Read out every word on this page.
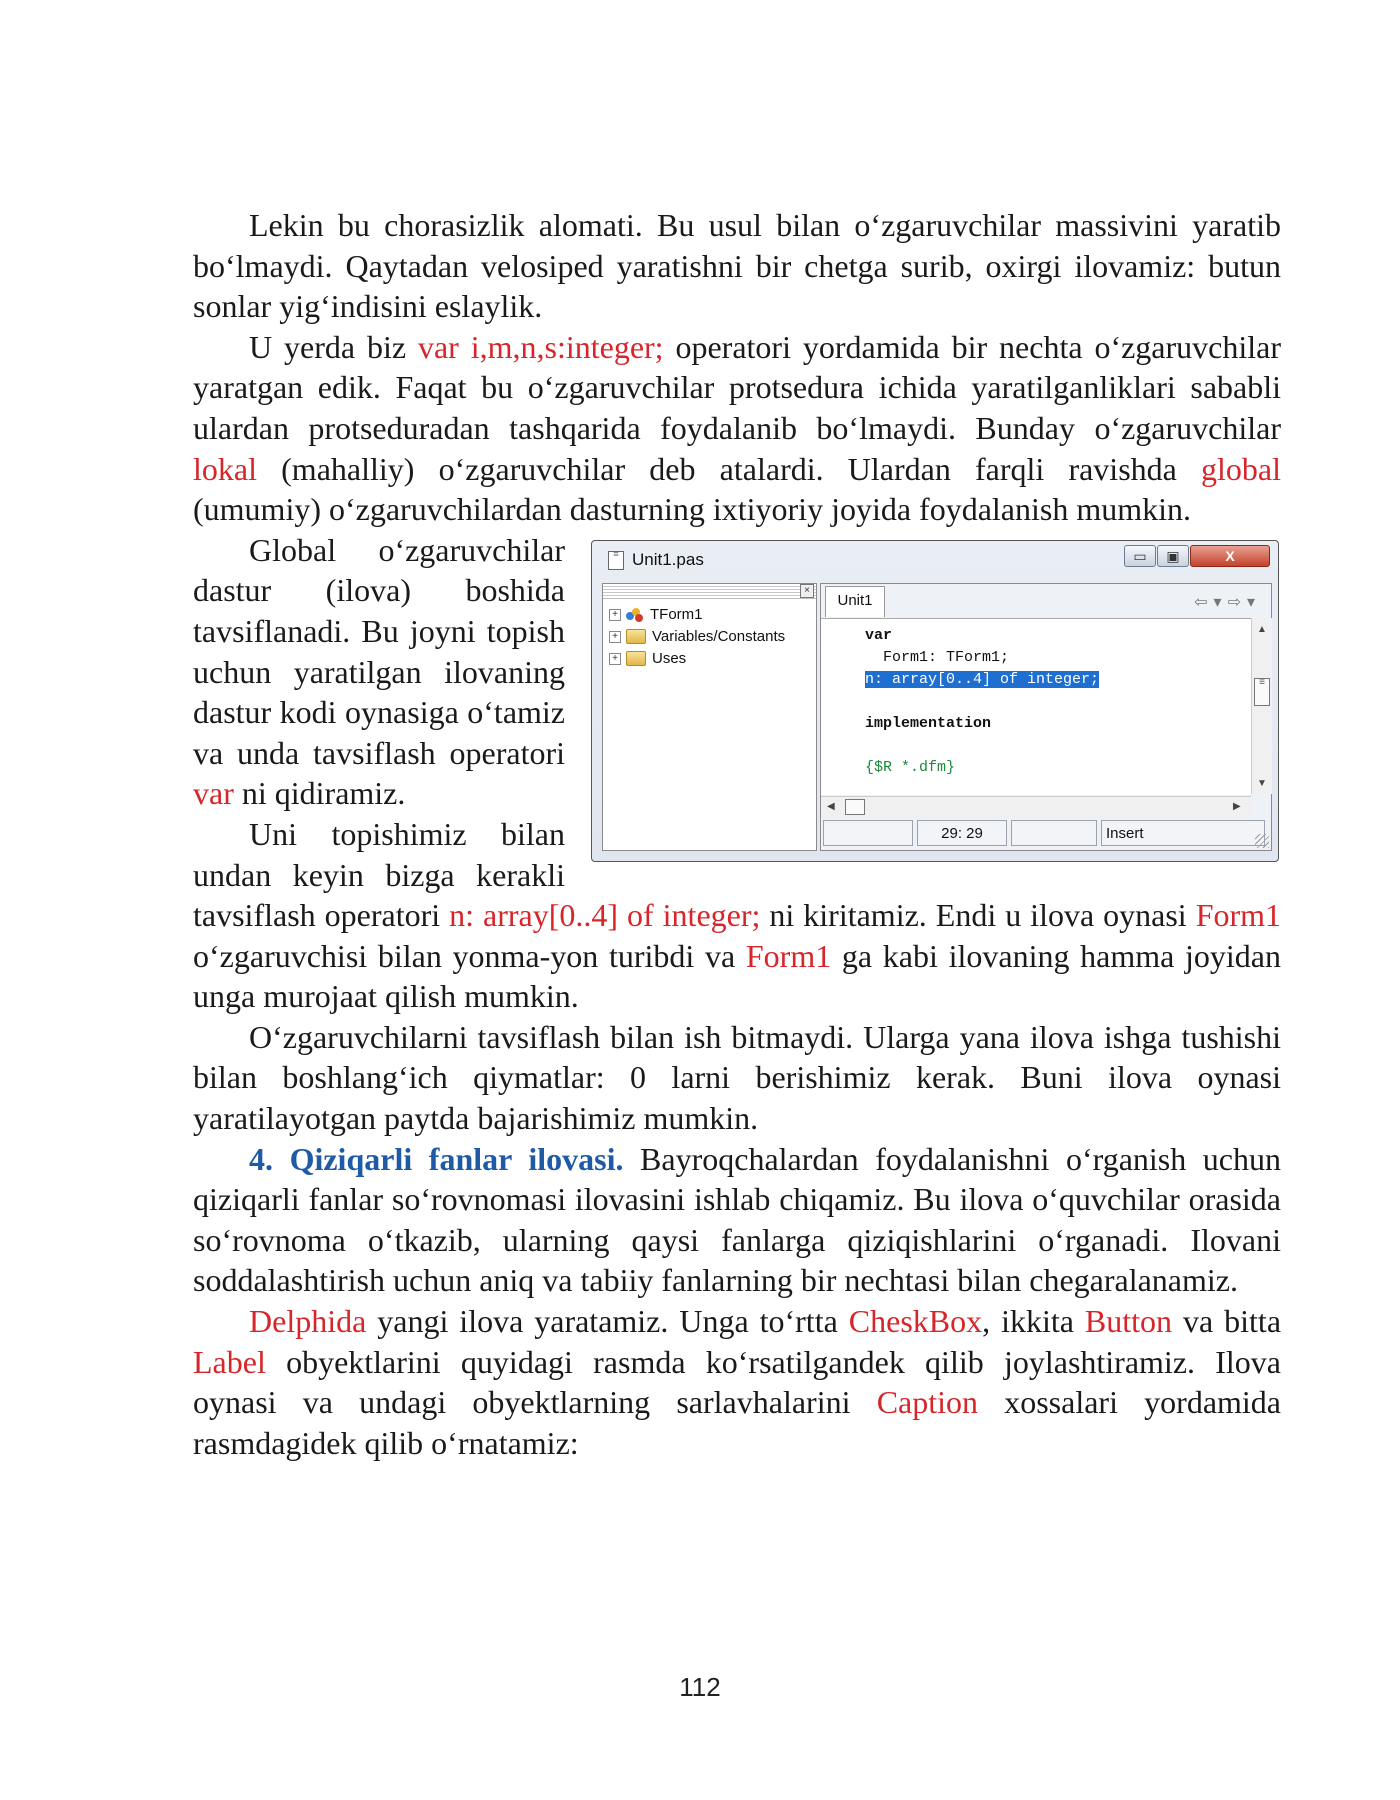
Lekin bu chorasizlik alomati. Bu usul bilan o‘zgaruvchilar massivini yaratib bo‘lmaydi. Qaytadan velosiped yaratishni bir chetga surib, oxirgi ilovamiz: butun sonlar yig‘indisini eslaylik.

U yerda biz var i,m,n,s:integer; operatori yordamida bir nechta o‘zgaruvchilar yaratgan edik. Faqat bu o‘zgaruvchilar protsedura ichida yaratilganliklari sababli ulardan protseduradan tashqarida foydalanib bo‘lmaydi. Bunday o‘zgaruvchilar lokal (mahalliy) o‘zgaruvchilar deb atalardi. Ulardan farqli ravishda global (umumiy) o‘zgaruvchilardan dasturning ixtiyoriy joyida foydalanish mumkin.

≡ Unit1.pas	▭	▣	X
×
+ TForm1
+ Variables/Constants
+ Uses
Unit1	⇦▾⇨▾
var
Form1: TForm1;
n: array[0..4] of integer;
implementation
{$R *.dfm}
▲
≡
▼
◀	▶
29: 29	Insert

Global o‘zgaruvchilar dastur (ilova) boshida tavsiflanadi. Bu joyni topish uchun yaratilgan ilovaning dastur kodi oynasiga o‘tamiz va unda tavsiflash operatori var ni qidiramiz.

Uni topishimiz bilan undan keyin bizga kerakli tavsiflash operatori n: array[0..4] of integer; ni kiritamiz. Endi u ilova oynasi Form1 o‘zgaruvchisi bilan yonma-yon turibdi va Form1 ga kabi ilovaning hamma joyidan unga murojaat qilish mumkin.

O‘zgaruvchilarni tavsiflash bilan ish bitmaydi. Ularga yana ilova ishga tushishi bilan boshlang‘ich qiymatlar: 0 larni berishimiz kerak. Buni ilova oynasi yaratilayotgan paytda bajarishimiz mumkin.

4. Qiziqarli fanlar ilovasi. Bayroqchalardan foydalanishni o‘rganish uchun qiziqarli fanlar so‘rovnomasi ilovasini ishlab chiqamiz. Bu ilova o‘quvchilar orasida so‘rovnoma o‘tkazib, ularning qaysi fanlarga qiziqishlarini o‘rganadi. Ilovani soddalashtirish uchun aniq va tabiiy fanlarning bir nechtasi bilan chegaralanamiz.

Delphida yangi ilova yaratamiz. Unga to‘rtta CheskBox, ikkita Button va bitta Label obyektlarini quyidagi rasmda ko‘rsatilgandek qilib joylashtiramiz. Ilova oynasi va undagi obyektlarning sarlavhalarini Caption xossalari yordamida rasmdagidek qilib o‘rnatamiz:

112
